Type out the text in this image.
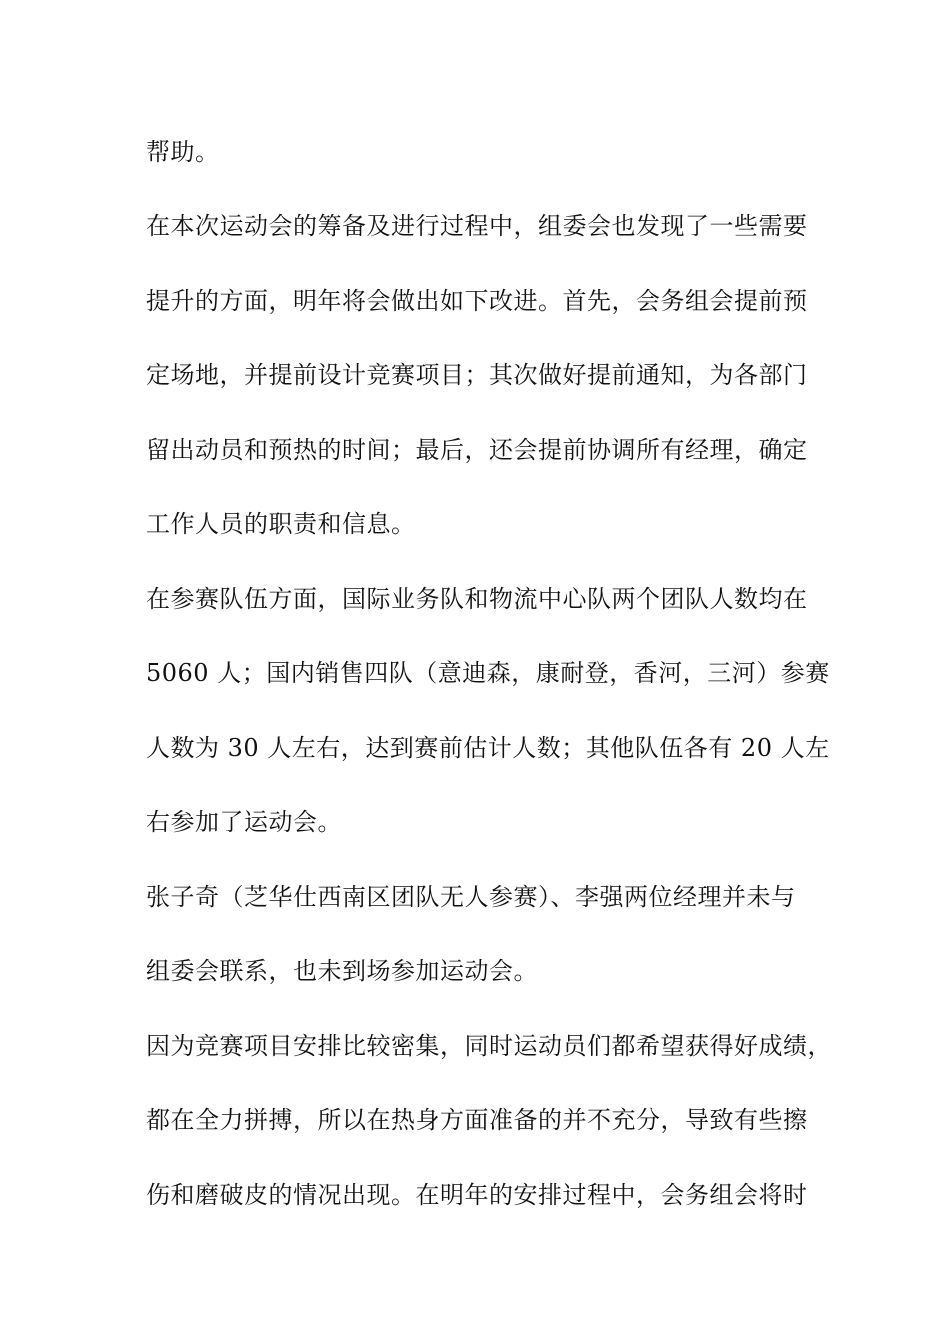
帮助。
在本次运动会的筹备及进行过程中，组委会也发现了一些需要
提升的方面，明年将会做出如下改进。首先，会务组会提前预
定场地，并提前设计竞赛项目；其次做好提前通知，为各部门
留出动员和预热的时间；最后，还会提前协调所有经理，确定
工作人员的职责和信息。
在参赛队伍方面，国际业务队和物流中心队两个团队人数均在
5060 人；国内销售四队（意迪森，康耐登，香河，三河）参赛
人数为 30 人左右，达到赛前估计人数；其他队伍各有 20 人左
右参加了运动会。
张子奇（芝华仕西南区团队无人参赛）、李强两位经理并未与
组委会联系，也未到场参加运动会。
因为竞赛项目安排比较密集，同时运动员们都希望获得好成绩，
都在全力拼搏，所以在热身方面准备的并不充分，导致有些擦
伤和磨破皮的情况出现。在明年的安排过程中，会务组会将时
